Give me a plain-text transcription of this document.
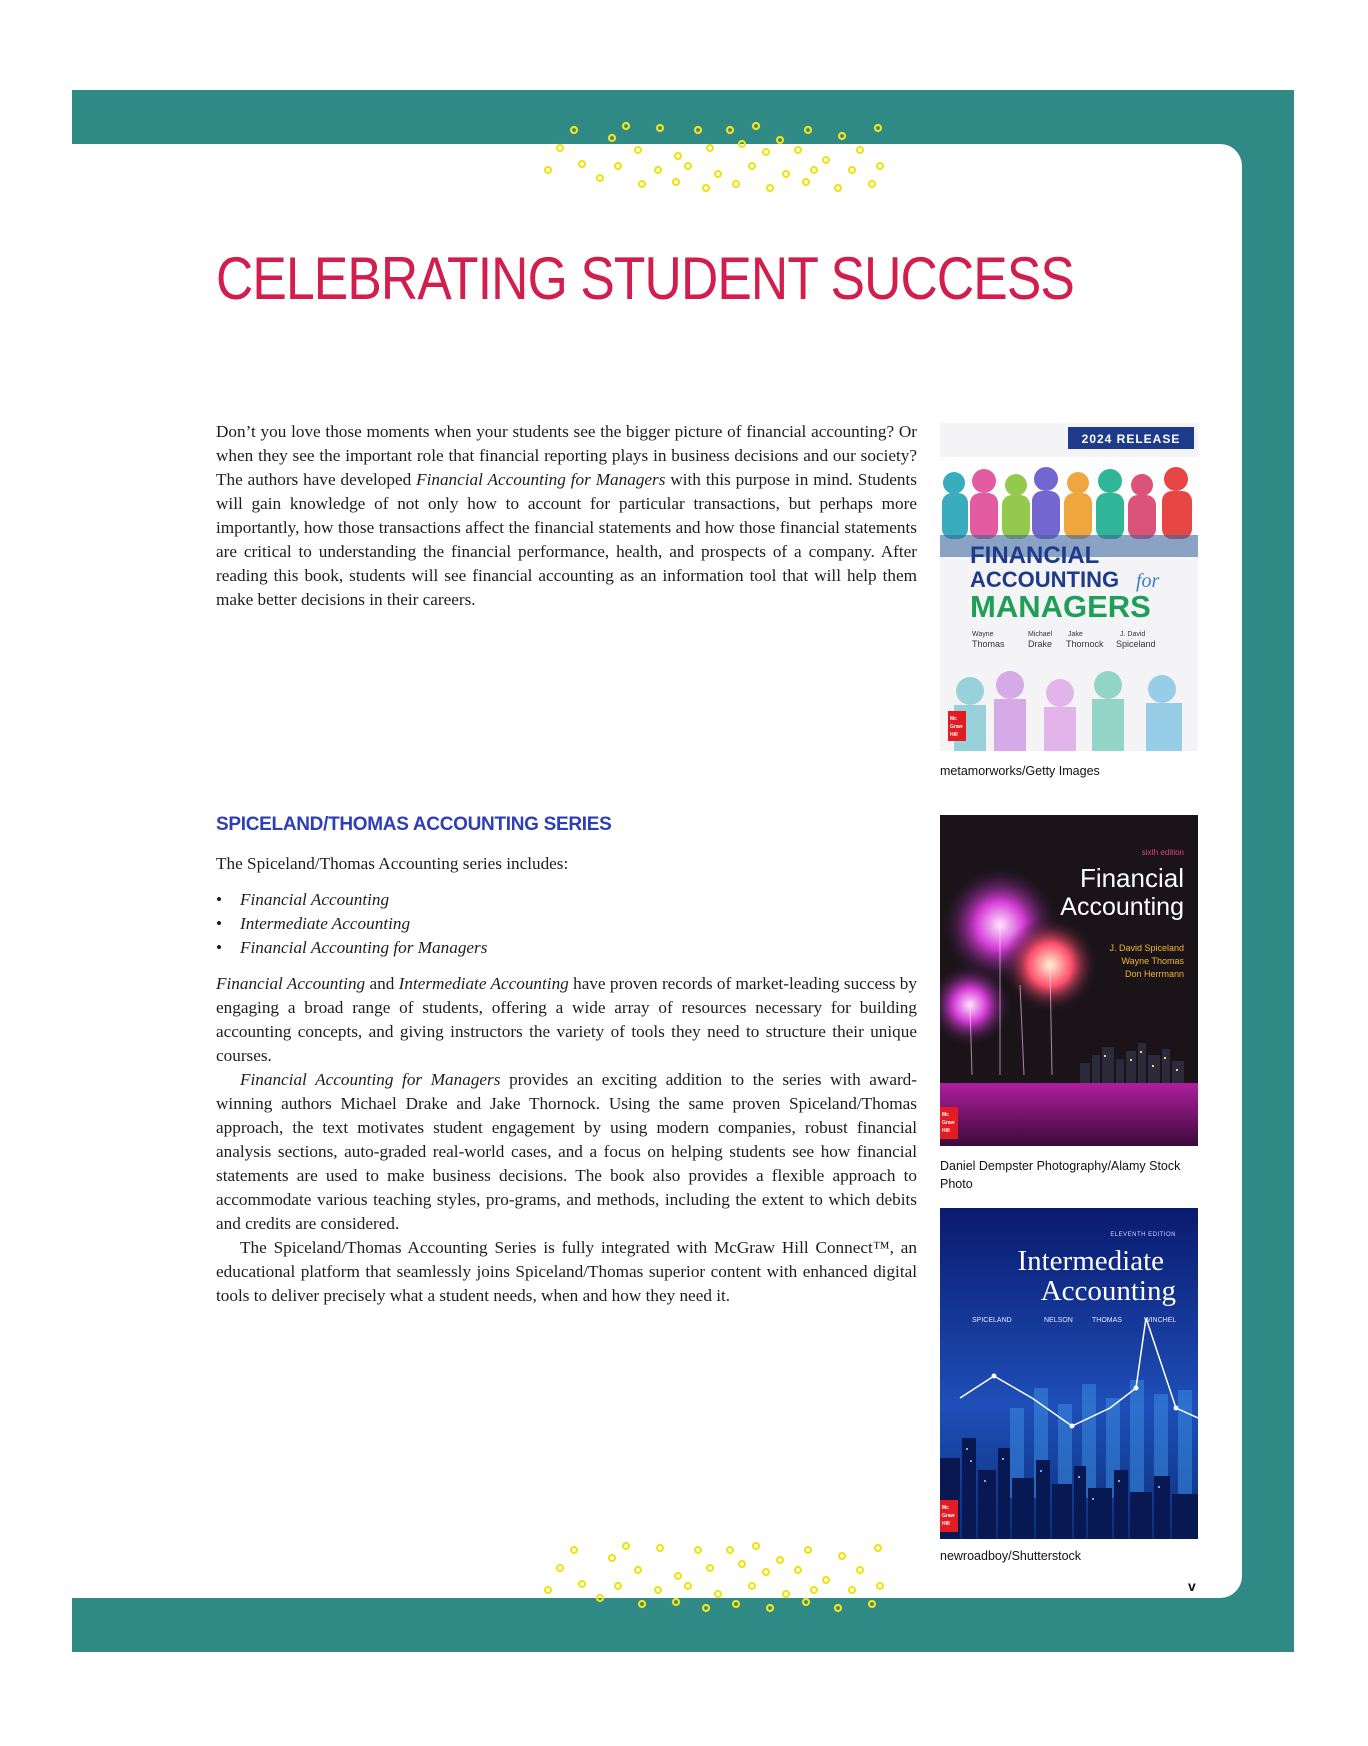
CELEBRATING STUDENT SUCCESS

Don’t you love those moments when your students see the bigger picture of financial accounting? Or when they see the important role that financial reporting plays in business decisions and our society? The authors have developed Financial Accounting for Managers with this purpose in mind. Students will gain knowledge of not only how to account for particular transactions, but perhaps more importantly, how those transactions affect the financial statements and how those financial statements are critical to understanding the financial performance, health, and prospects of a company. After reading this book, students will see financial accounting as an information tool that will help them make better decisions in their careers.

2024 RELEASE
FINANCIAL
ACCOUNTING for
MANAGERS
Wayne
Thomas
Michael
Drake
Jake
Thornock
J. David
Spiceland
Mc
Graw
Hill
metamorworks/Getty Images
SPICELAND/THOMAS ACCOUNTING SERIES

The Spiceland/Thomas Accounting series includes:

• Financial Accounting
• Intermediate Accounting
• Financial Accounting for Managers

Financial Accounting and Intermediate Accounting have proven records of market-leading success by engaging a broad range of students, offering a wide array of resources necessary for building accounting concepts, and giving instructors the variety of tools they need to structure their unique courses.

Financial Accounting for Managers provides an exciting addition to the series with award-winning authors Michael Drake and Jake Thornock. Using the same proven Spiceland/Thomas approach, the text motivates student engagement by using modern companies, robust financial analysis sections, auto-graded real-world cases, and a focus on helping students see how financial statements are used to make business decisions. The book also provides a flexible approach to accommodate various teaching styles, pro-grams, and methods, including the extent to which debits and credits are considered.

The Spiceland/Thomas Accounting Series is fully integrated with McGraw Hill Connect™, an educational platform that seamlessly joins Spiceland/Thomas superior content with enhanced digital tools to deliver precisely what a student needs, when and how they need it.

sixth edition
Financial
Accounting
J. David Spiceland
Wayne Thomas
Don Herrmann
Mc
Graw
Hill
Daniel Dempster Photography/Alamy Stock Photo
ELEVENTH EDITION
Intermediate
Accounting
SPICELAND	NELSON	THOMAS	WINCHEL
Mc
Graw
Hill
newroadboy/Shutterstock
v
